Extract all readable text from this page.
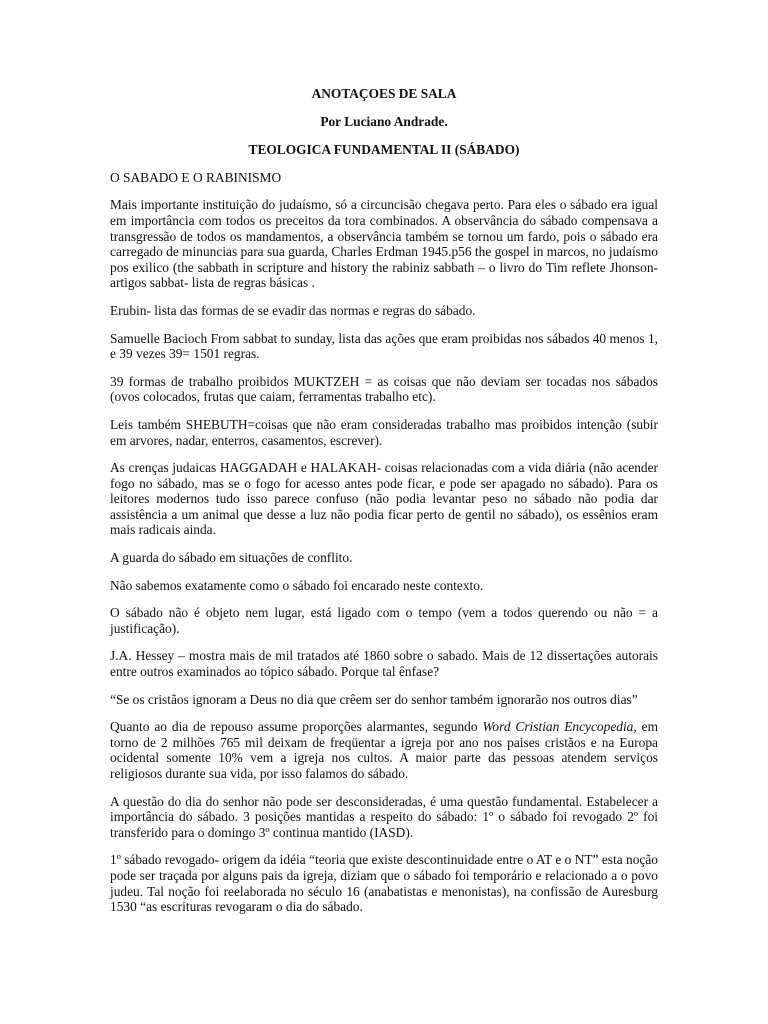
ANOTAÇOES DE SALA
Por Luciano Andrade.
TEOLOGICA FUNDAMENTAL II (SÁBADO)
O SABADO E O RABINISMO

Mais importante instituição do judaísmo, só a circuncisão chegava perto. Para eles o sábado era igual em importância com todos os preceitos da tora combinados. A observância do sábado compensava a transgressão de todos os mandamentos, a observância também se tornou um fardo, pois o sábado era carregado de minuncias para sua guarda, Charles Erdman 1945.p56 the gospel in marcos, no judaísmo pos exilico (the sabbath in scripture and history the rabiniz sabbath – o livro do Tim reflete Jhonson- artigos sabbat- lista de regras básicas .

Erubin- lista das formas de se evadir das normas e regras do sábado.

Samuelle Bacioch From sabbat to sunday, lista das ações que eram proibidas nos sábados 40 menos 1, e 39 vezes 39= 1501 regras.

39 formas de trabalho proibidos MUKTZEH = as coisas que não deviam ser tocadas nos sábados (ovos colocados, frutas que caiam, ferramentas trabalho etc).

Leis também SHEBUTH=coisas que não eram consideradas trabalho mas proibidos intenção (subir em arvores, nadar, enterros, casamentos, escrever).

As crenças judaicas HAGGADAH e HALAKAH- coisas relacionadas com a vida diária (não acender fogo no sábado, mas se o fogo for acesso antes pode ficar, e pode ser apagado no sábado). Para os leitores modernos tudo isso parece confuso (não podia levantar peso no sábado não podia dar assistência a um animal que desse a luz não podia ficar perto de gentil no sábado), os essênios eram mais radicais ainda.

A guarda do sábado em situações de conflito.

Não sabemos exatamente como o sábado foi encarado neste contexto.

O sábado não é objeto nem lugar, está ligado com o tempo (vem a todos querendo ou não = a justificação).

J.A. Hessey – mostra mais de mil tratados até 1860 sobre o sabado. Mais de 12 dissertações autorais entre outros examinados ao tópico sábado. Porque tal ênfase?

“Se os cristãos ignoram a Deus no dia que crêem ser do senhor também ignorarão nos outros dias”

Quanto ao dia de repouso assume proporções alarmantes, segundo Word Cristian Encycopedia, em torno de 2 milhões 765 mil deixam de freqüentar a igreja por ano nos paises cristãos e na Europa ocidental somente 10% vem a igreja nos cultos. A maior parte das pessoas atendem serviços religiosos durante sua vida, por isso falamos do sábado.

A questão do dia do senhor não pode ser desconsideradas, é uma questão fundamental. Estabelecer a importância do sábado. 3 posições mantidas a respeito do sábado: 1º o sábado foi revogado 2º foi transferido para o domingo 3º continua mantido (IASD).

1º sábado revogado- origem da idéia “teoria que existe descontinuidade entre o AT e o NT” esta noção pode ser traçada por alguns pais da igreja, diziam que o sábado foi temporário e relacionado a o povo judeu. Tal noção foi reelaborada no século 16 (anabatistas e menonistas), na confissão de Auresburg 1530 “as escrituras revogaram o dia do sábado.
